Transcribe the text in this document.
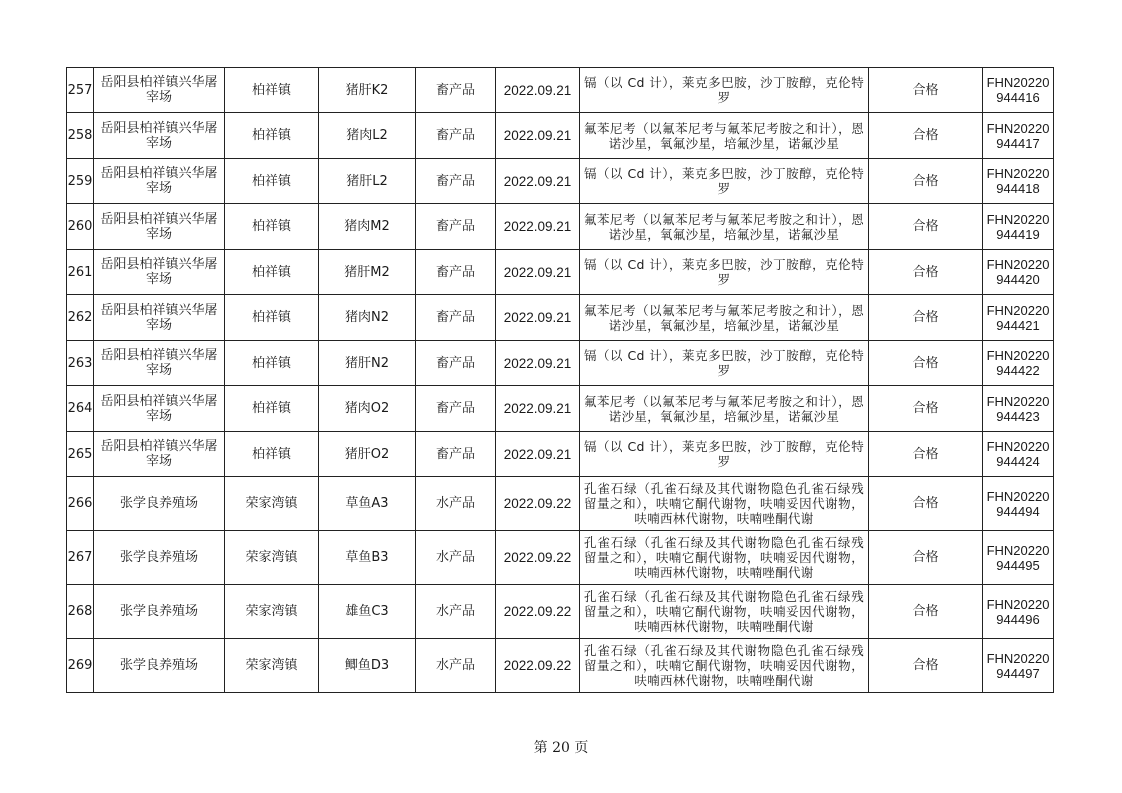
257	岳阳县柏祥镇兴华屠宰场	柏祥镇	猪肝K2	畜产品	2022.09.21	镉（以 Cd 计），莱克多巴胺，沙丁胺醇，克伦特罗	合格	FHN20220944416
258	岳阳县柏祥镇兴华屠宰场	柏祥镇	猪肉L2	畜产品	2022.09.21	氟苯尼考（以氟苯尼考与氟苯尼考胺之和计），恩诺沙星，氧氟沙星，培氟沙星，诺氟沙星	合格	FHN20220944417
259	岳阳县柏祥镇兴华屠宰场	柏祥镇	猪肝L2	畜产品	2022.09.21	镉（以 Cd 计），莱克多巴胺，沙丁胺醇，克伦特罗	合格	FHN20220944418
260	岳阳县柏祥镇兴华屠宰场	柏祥镇	猪肉M2	畜产品	2022.09.21	氟苯尼考（以氟苯尼考与氟苯尼考胺之和计），恩诺沙星，氧氟沙星，培氟沙星，诺氟沙星	合格	FHN20220944419
261	岳阳县柏祥镇兴华屠宰场	柏祥镇	猪肝M2	畜产品	2022.09.21	镉（以 Cd 计），莱克多巴胺，沙丁胺醇，克伦特罗	合格	FHN20220944420
262	岳阳县柏祥镇兴华屠宰场	柏祥镇	猪肉N2	畜产品	2022.09.21	氟苯尼考（以氟苯尼考与氟苯尼考胺之和计），恩诺沙星，氧氟沙星，培氟沙星，诺氟沙星	合格	FHN20220944421
263	岳阳县柏祥镇兴华屠宰场	柏祥镇	猪肝N2	畜产品	2022.09.21	镉（以 Cd 计），莱克多巴胺，沙丁胺醇，克伦特罗	合格	FHN20220944422
264	岳阳县柏祥镇兴华屠宰场	柏祥镇	猪肉O2	畜产品	2022.09.21	氟苯尼考（以氟苯尼考与氟苯尼考胺之和计），恩诺沙星，氧氟沙星，培氟沙星，诺氟沙星	合格	FHN20220944423
265	岳阳县柏祥镇兴华屠宰场	柏祥镇	猪肝O2	畜产品	2022.09.21	镉（以 Cd 计），莱克多巴胺，沙丁胺醇，克伦特罗	合格	FHN20220944424
266	张学良养殖场	荣家湾镇	草鱼A3	水产品	2022.09.22	孔雀石绿（孔雀石绿及其代谢物隐色孔雀石绿残留量之和），呋喃它酮代谢物，呋喃妥因代谢物，呋喃西林代谢物，呋喃唑酮代谢	合格	FHN20220944494
267	张学良养殖场	荣家湾镇	草鱼B3	水产品	2022.09.22	孔雀石绿（孔雀石绿及其代谢物隐色孔雀石绿残留量之和），呋喃它酮代谢物，呋喃妥因代谢物，呋喃西林代谢物，呋喃唑酮代谢	合格	FHN20220944495
268	张学良养殖场	荣家湾镇	雄鱼C3	水产品	2022.09.22	孔雀石绿（孔雀石绿及其代谢物隐色孔雀石绿残留量之和），呋喃它酮代谢物，呋喃妥因代谢物，呋喃西林代谢物，呋喃唑酮代谢	合格	FHN20220944496
269	张学良养殖场	荣家湾镇	鲫鱼D3	水产品	2022.09.22	孔雀石绿（孔雀石绿及其代谢物隐色孔雀石绿残留量之和），呋喃它酮代谢物，呋喃妥因代谢物，呋喃西林代谢物，呋喃唑酮代谢	合格	FHN20220944497
第 20 页
